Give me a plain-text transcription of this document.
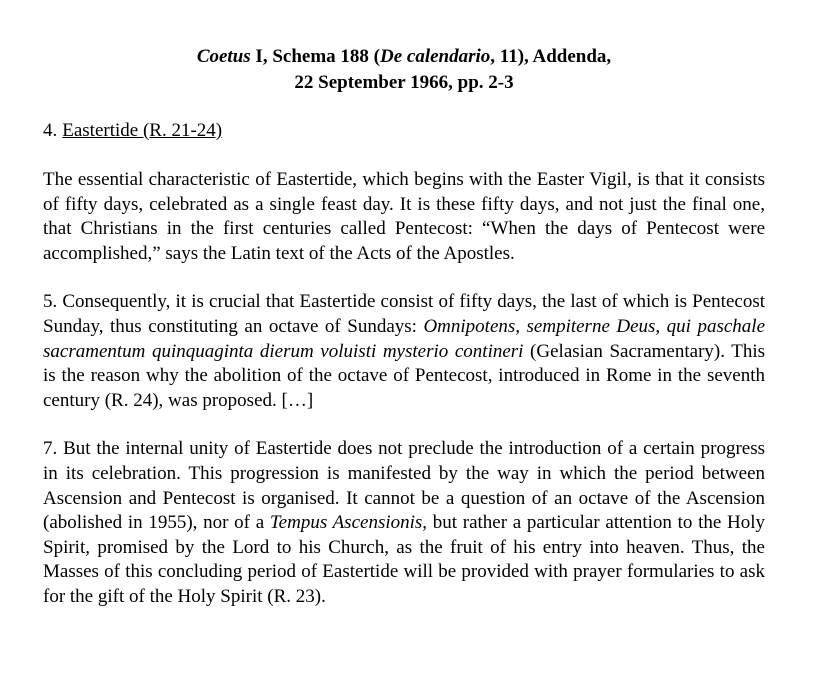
Coetus I, Schema 188 (De calendario, 11), Addenda,
22 September 1966, pp. 2-3
4. Eastertide (R. 21-24)

The essential characteristic of Eastertide, which begins with the Easter Vigil, is that it consists of fifty days, celebrated as a single feast day. It is these fifty days, and not just the final one, that Christians in the first centuries called Pentecost: “When the days of Pentecost were accomplished,” says the Latin text of the Acts of the Apostles.

5. Consequently, it is crucial that Eastertide consist of fifty days, the last of which is Pentecost Sunday, thus constituting an octave of Sundays: Omnipotens, sempiterne Deus, qui paschale sacramentum quinquaginta dierum voluisti mysterio contineri (Gelasian Sacramentary). This is the reason why the abolition of the octave of Pentecost, introduced in Rome in the seventh century (R. 24), was proposed. […]

7. But the internal unity of Eastertide does not preclude the introduction of a certain progress in its celebration. This progression is manifested by the way in which the period between Ascension and Pentecost is organised. It cannot be a question of an octave of the Ascension (abolished in 1955), nor of a Tempus Ascensionis, but rather a particular attention to the Holy Spirit, promised by the Lord to his Church, as the fruit of his entry into heaven. Thus, the Masses of this concluding period of Eastertide will be provided with prayer formularies to ask for the gift of the Holy Spirit (R. 23).
